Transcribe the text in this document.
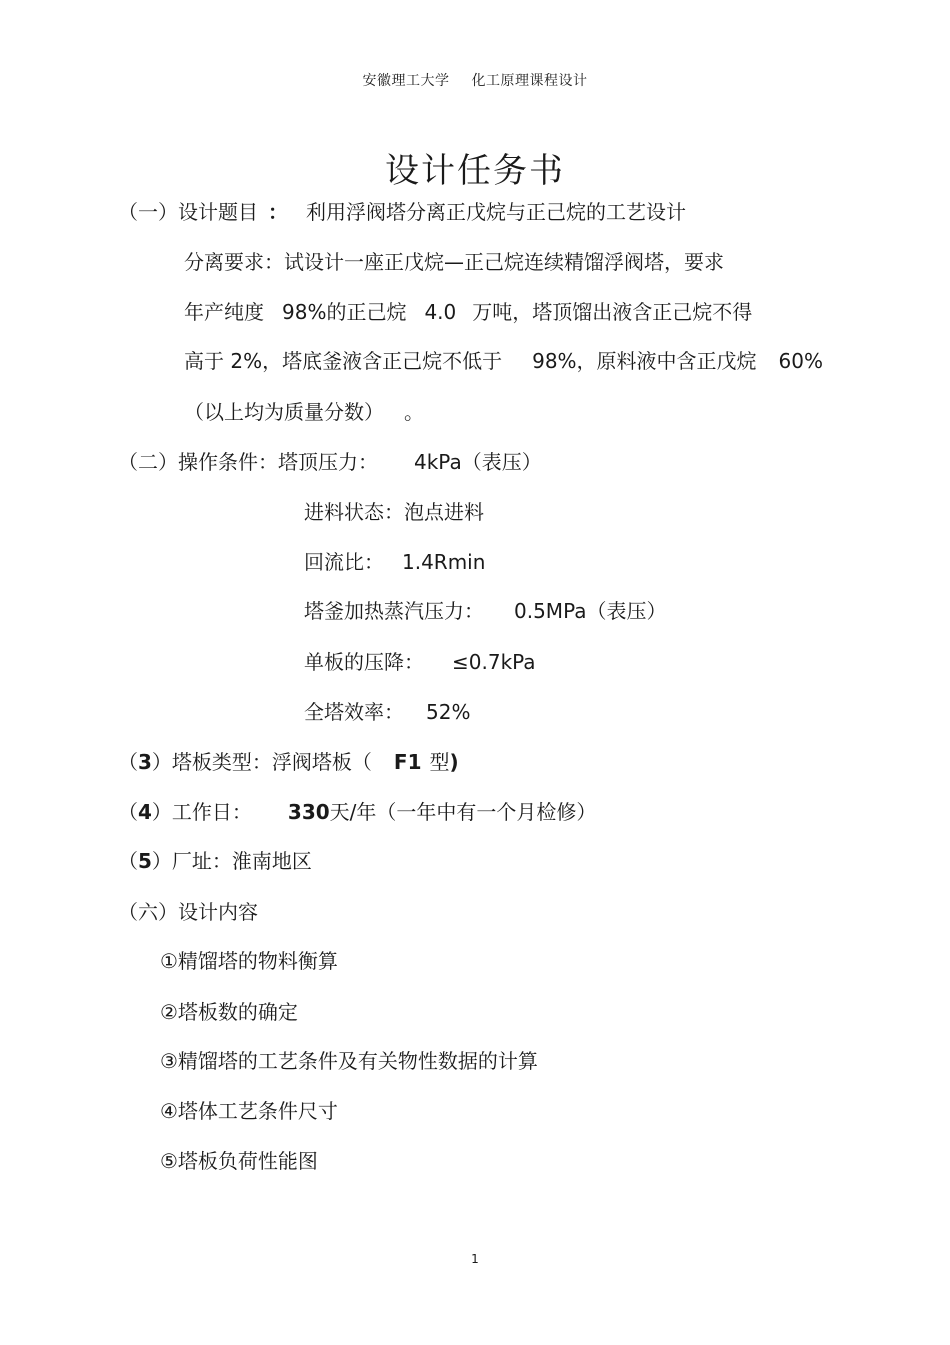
安徽理工大学 化工原理课程设计
设计任务书
（一）设计题目 ： 利用浮阀塔分离正戊烷与正己烷的工艺设计
分离要求：试设计一座正戊烷—正己烷连续精馏浮阀塔，要求
年产纯度 98%的正己烷 4.0 万吨，塔顶馏出液含正己烷不得
高于 2%，塔底釜液含正己烷不低于 98%，原料液中含正戊烷 60%
（以上均为质量分数） 。
（二）操作条件：塔顶压力： 4kPa（表压）
进料状态：泡点进料
回流比： 1.4Rmin
塔釜加热蒸汽压力： 0.5MPa（表压）
单板的压降： ≤0.7kPa
全塔效率： 52%
（3）塔板类型：浮阀塔板（ F1 型)
（4）工作日： 330天/年（一年中有一个月检修）
（5）厂址：淮南地区
（六）设计内容
①精馏塔的物料衡算
②塔板数的确定
③精馏塔的工艺条件及有关物性数据的计算
④塔体工艺条件尺寸
⑤塔板负荷性能图
1
